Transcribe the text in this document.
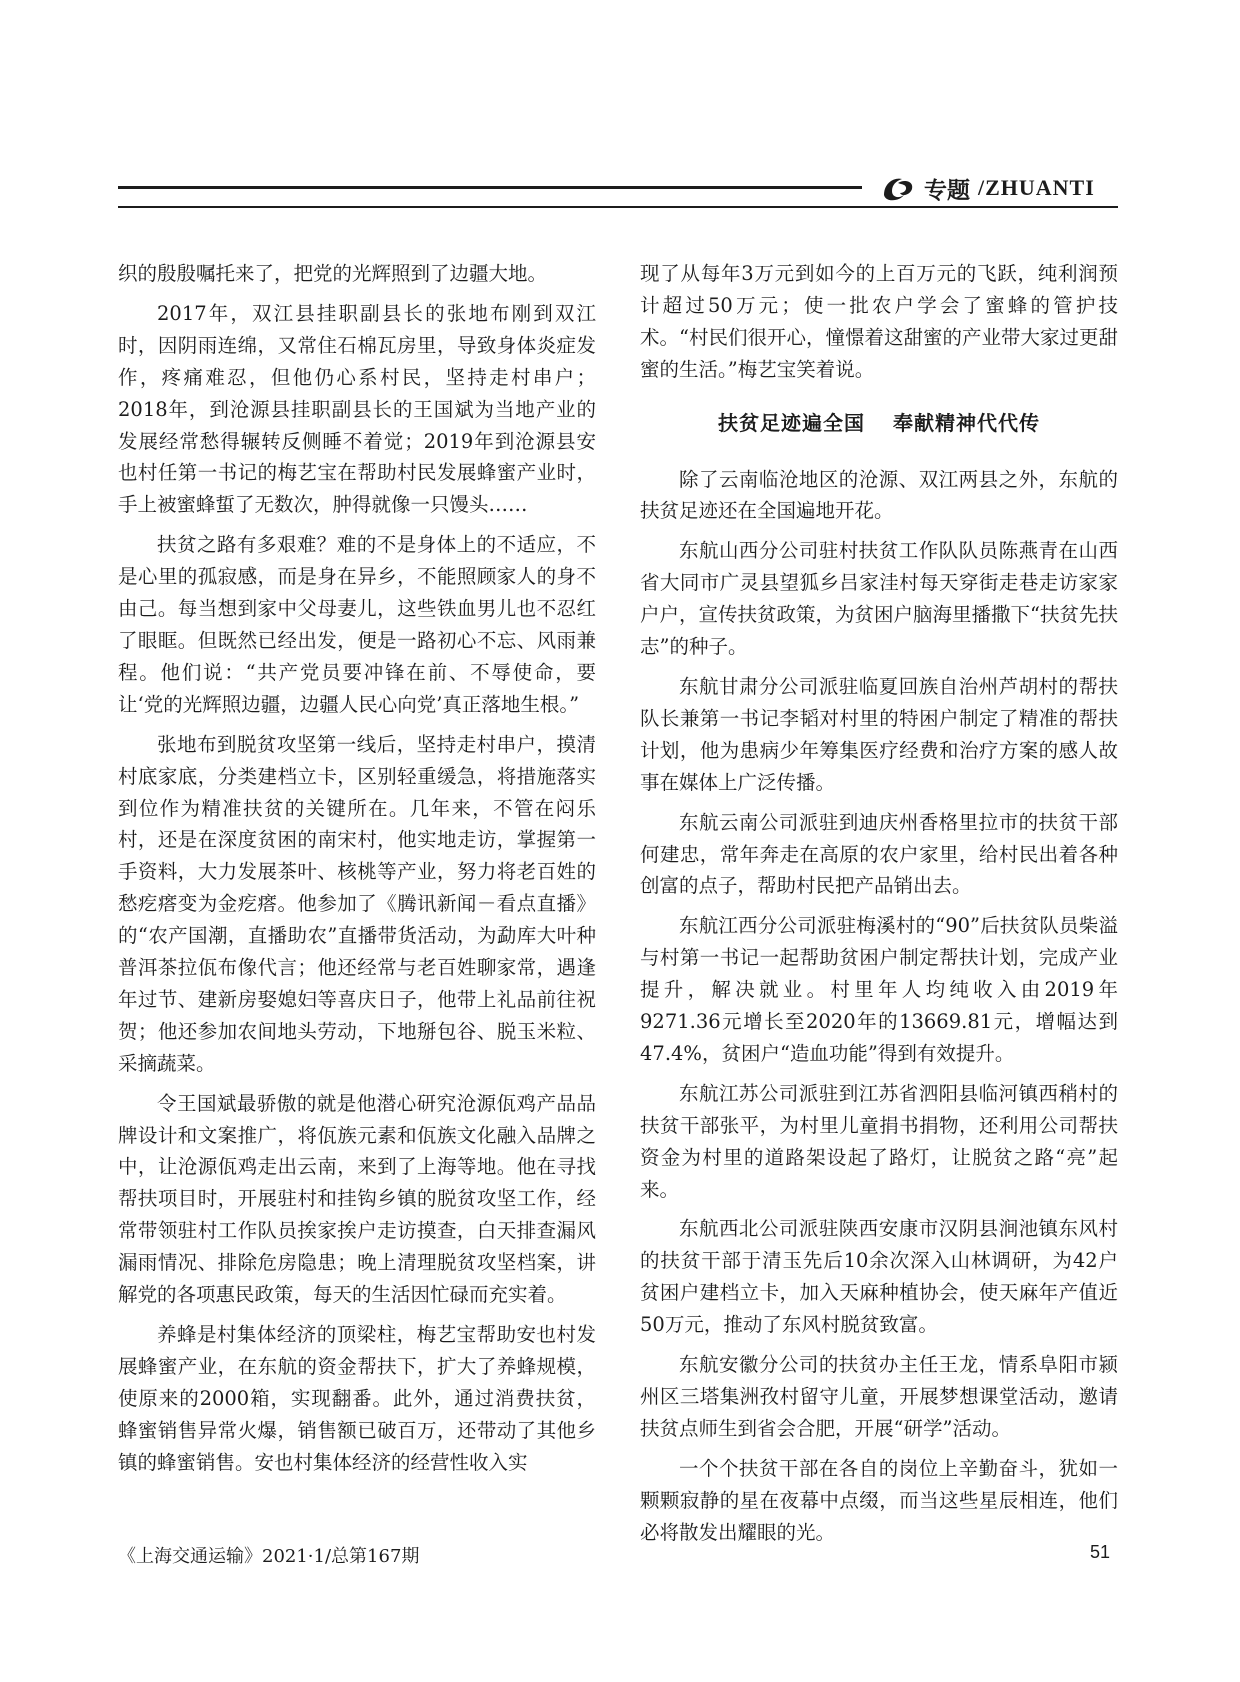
专题 /ZHUANTI

织的殷殷嘱托来了，把党的光辉照到了边疆大地。

2017年，双江县挂职副县长的张地布刚到双江时，因阴雨连绵，又常住石棉瓦房里，导致身体炎症发作，疼痛难忍，但他仍心系村民，坚持走村串户；2018年，到沧源县挂职副县长的王国斌为当地产业的发展经常愁得辗转反侧睡不着觉；2019年到沧源县安也村任第一书记的梅艺宝在帮助村民发展蜂蜜产业时，手上被蜜蜂蜇了无数次，肿得就像一只馒头……

扶贫之路有多艰难？难的不是身体上的不适应，不是心里的孤寂感，而是身在异乡，不能照顾家人的身不由己。每当想到家中父母妻儿，这些铁血男儿也不忍红了眼眶。但既然已经出发，便是一路初心不忘、风雨兼程。他们说：“共产党员要冲锋在前、不辱使命，要让‘党的光辉照边疆，边疆人民心向党’真正落地生根。”

张地布到脱贫攻坚第一线后，坚持走村串户，摸清村底家底，分类建档立卡，区别轻重缓急，将措施落实到位作为精准扶贫的关键所在。几年来，不管在闷乐村，还是在深度贫困的南宋村，他实地走访，掌握第一手资料，大力发展茶叶、核桃等产业，努力将老百姓的愁疙瘩变为金疙瘩。他参加了《腾讯新闻－看点直播》的“农产国潮，直播助农”直播带货活动，为勐库大叶种普洱茶拉佤布像代言；他还经常与老百姓聊家常，遇逢年过节、建新房娶媳妇等喜庆日子，他带上礼品前往祝贺；他还参加农间地头劳动，下地掰包谷、脱玉米粒、采摘蔬菜。

令王国斌最骄傲的就是他潜心研究沧源佤鸡产品品牌设计和文案推广，将佤族元素和佤族文化融入品牌之中，让沧源佤鸡走出云南，来到了上海等地。他在寻找帮扶项目时，开展驻村和挂钩乡镇的脱贫攻坚工作，经常带领驻村工作队员挨家挨户走访摸查，白天排查漏风漏雨情况、排除危房隐患；晚上清理脱贫攻坚档案，讲解党的各项惠民政策，每天的生活因忙碌而充实着。

养蜂是村集体经济的顶梁柱，梅艺宝帮助安也村发展蜂蜜产业，在东航的资金帮扶下，扩大了养蜂规模，使原来的2000箱，实现翻番。此外，通过消费扶贫，蜂蜜销售异常火爆，销售额已破百万，还带动了其他乡镇的蜂蜜销售。安也村集体经济的经营性收入实

现了从每年3万元到如今的上百万元的飞跃，纯利润预计超过50万元；使一批农户学会了蜜蜂的管护技术。“村民们很开心，憧憬着这甜蜜的产业带大家过更甜蜜的生活。”梅艺宝笑着说。

扶贫足迹遍全国 奉献精神代代传

除了云南临沧地区的沧源、双江两县之外，东航的扶贫足迹还在全国遍地开花。

东航山西分公司驻村扶贫工作队队员陈燕青在山西省大同市广灵县望狐乡吕家洼村每天穿街走巷走访家家户户，宣传扶贫政策，为贫困户脑海里播撒下“扶贫先扶志”的种子。

东航甘肃分公司派驻临夏回族自治州芦胡村的帮扶队长兼第一书记李韬对村里的特困户制定了精准的帮扶计划，他为患病少年筹集医疗经费和治疗方案的感人故事在媒体上广泛传播。

东航云南公司派驻到迪庆州香格里拉市的扶贫干部何建忠，常年奔走在高原的农户家里，给村民出着各种创富的点子，帮助村民把产品销出去。

东航江西分公司派驻梅溪村的“90”后扶贫队员柴溢与村第一书记一起帮助贫困户制定帮扶计划，完成产业提升，解决就业。村里年人均纯收入由2019年9271.36元增长至2020年的13669.81元，增幅达到47.4%，贫困户“造血功能”得到有效提升。

东航江苏公司派驻到江苏省泗阳县临河镇西稍村的扶贫干部张平，为村里儿童捐书捐物，还利用公司帮扶资金为村里的道路架设起了路灯，让脱贫之路“亮”起来。

东航西北公司派驻陕西安康市汉阴县涧池镇东风村的扶贫干部于清玉先后10余次深入山林调研，为42户贫困户建档立卡，加入天麻种植协会，使天麻年产值近50万元，推动了东风村脱贫致富。

东航安徽分公司的扶贫办主任王龙，情系阜阳市颍州区三塔集洲孜村留守儿童，开展梦想课堂活动，邀请扶贫点师生到省会合肥，开展“研学”活动。

一个个扶贫干部在各自的岗位上辛勤奋斗，犹如一颗颗寂静的星在夜幕中点缀，而当这些星辰相连，他们必将散发出耀眼的光。

《上海交通运输》2021·1/总第167期	51
